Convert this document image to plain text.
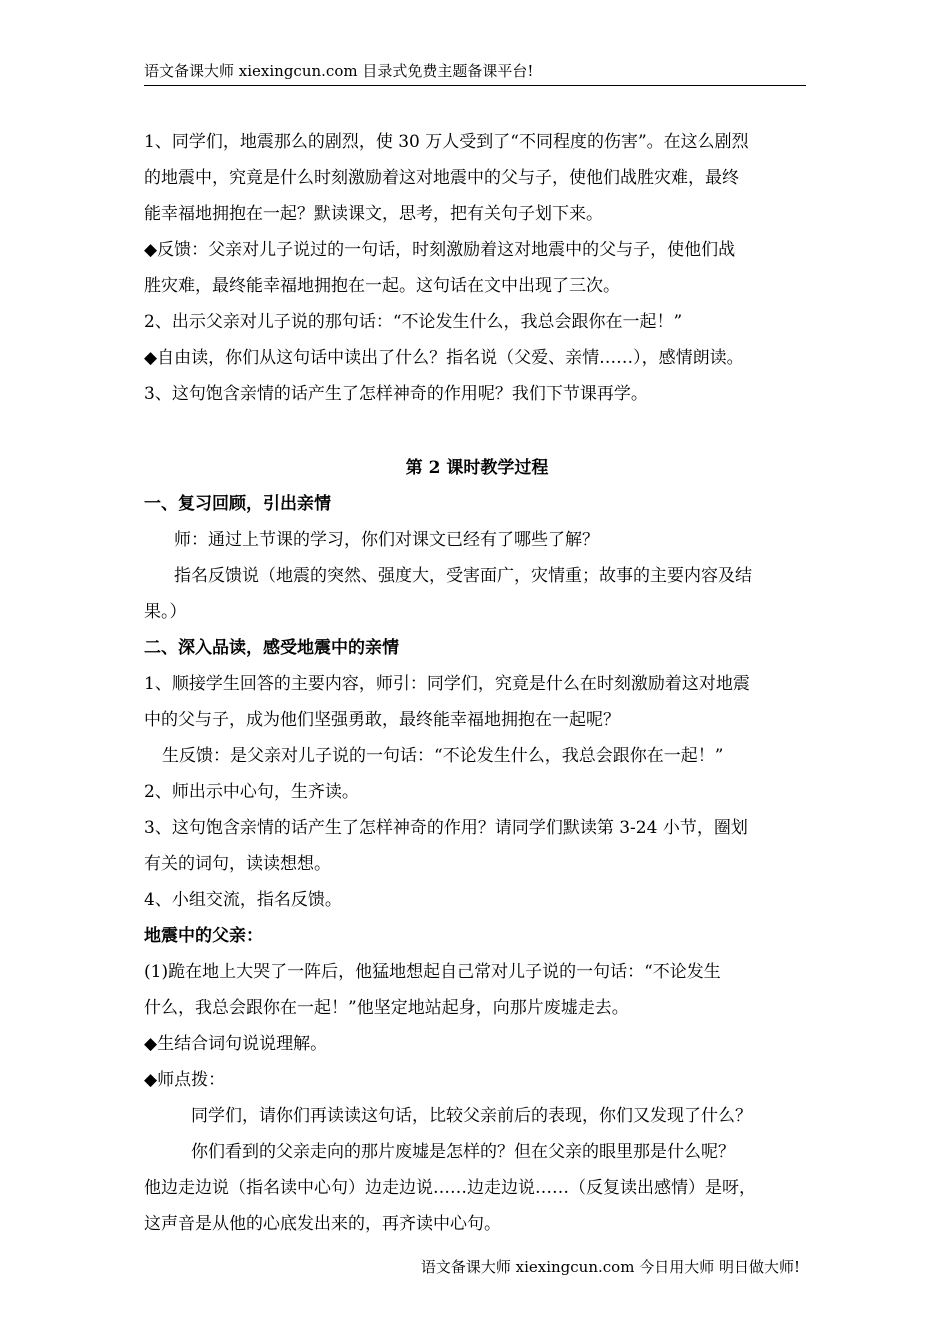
语文备课大师 xiexingcun.com 目录式免费主题备课平台!
1、同学们，地震那么的剧烈，使 30 万人受到了“不同程度的伤害”。在这么剧烈
的地震中，究竟是什么时刻激励着这对地震中的父与子，使他们战胜灾难，最终
能幸福地拥抱在一起？默读课文，思考，把有关句子划下来。
◆反馈：父亲对儿子说过的一句话，时刻激励着这对地震中的父与子，使他们战
胜灾难，最终能幸福地拥抱在一起。这句话在文中出现了三次。
2、出示父亲对儿子说的那句话：“不论发生什么，我总会跟你在一起！”
◆自由读，你们从这句话中读出了什么？指名说（父爱、亲情……），感情朗读。
3、这句饱含亲情的话产生了怎样神奇的作用呢？我们下节课再学。
第 2 课时教学过程
一、复习回顾，引出亲情
师：通过上节课的学习，你们对课文已经有了哪些了解？
指名反馈说（地震的突然、强度大，受害面广，灾情重；故事的主要内容及结
果。）
二、深入品读，感受地震中的亲情
1、顺接学生回答的主要内容，师引：同学们，究竟是什么在时刻激励着这对地震
中的父与子，成为他们坚强勇敢，最终能幸福地拥抱在一起呢？
生反馈：是父亲对儿子说的一句话：“不论发生什么，我总会跟你在一起！”
2、师出示中心句，生齐读。
3、这句饱含亲情的话产生了怎样神奇的作用？请同学们默读第 3-24 小节，圈划
有关的词句，读读想想。
4、小组交流，指名反馈。
地震中的父亲：
(1)跪在地上大哭了一阵后，他猛地想起自己常对儿子说的一句话：“不论发生
什么，我总会跟你在一起！”他坚定地站起身，向那片废墟走去。
◆生结合词句说说理解。
◆师点拨：
同学们，请你们再读读这句话，比较父亲前后的表现，你们又发现了什么？
你们看到的父亲走向的那片废墟是怎样的？但在父亲的眼里那是什么呢？
他边走边说（指名读中心句）边走边说……边走边说……（反复读出感情）是呀，
这声音是从他的心底发出来的，再齐读中心句。
语文备课大师 xiexingcun.com 今日用大师 明日做大师!
